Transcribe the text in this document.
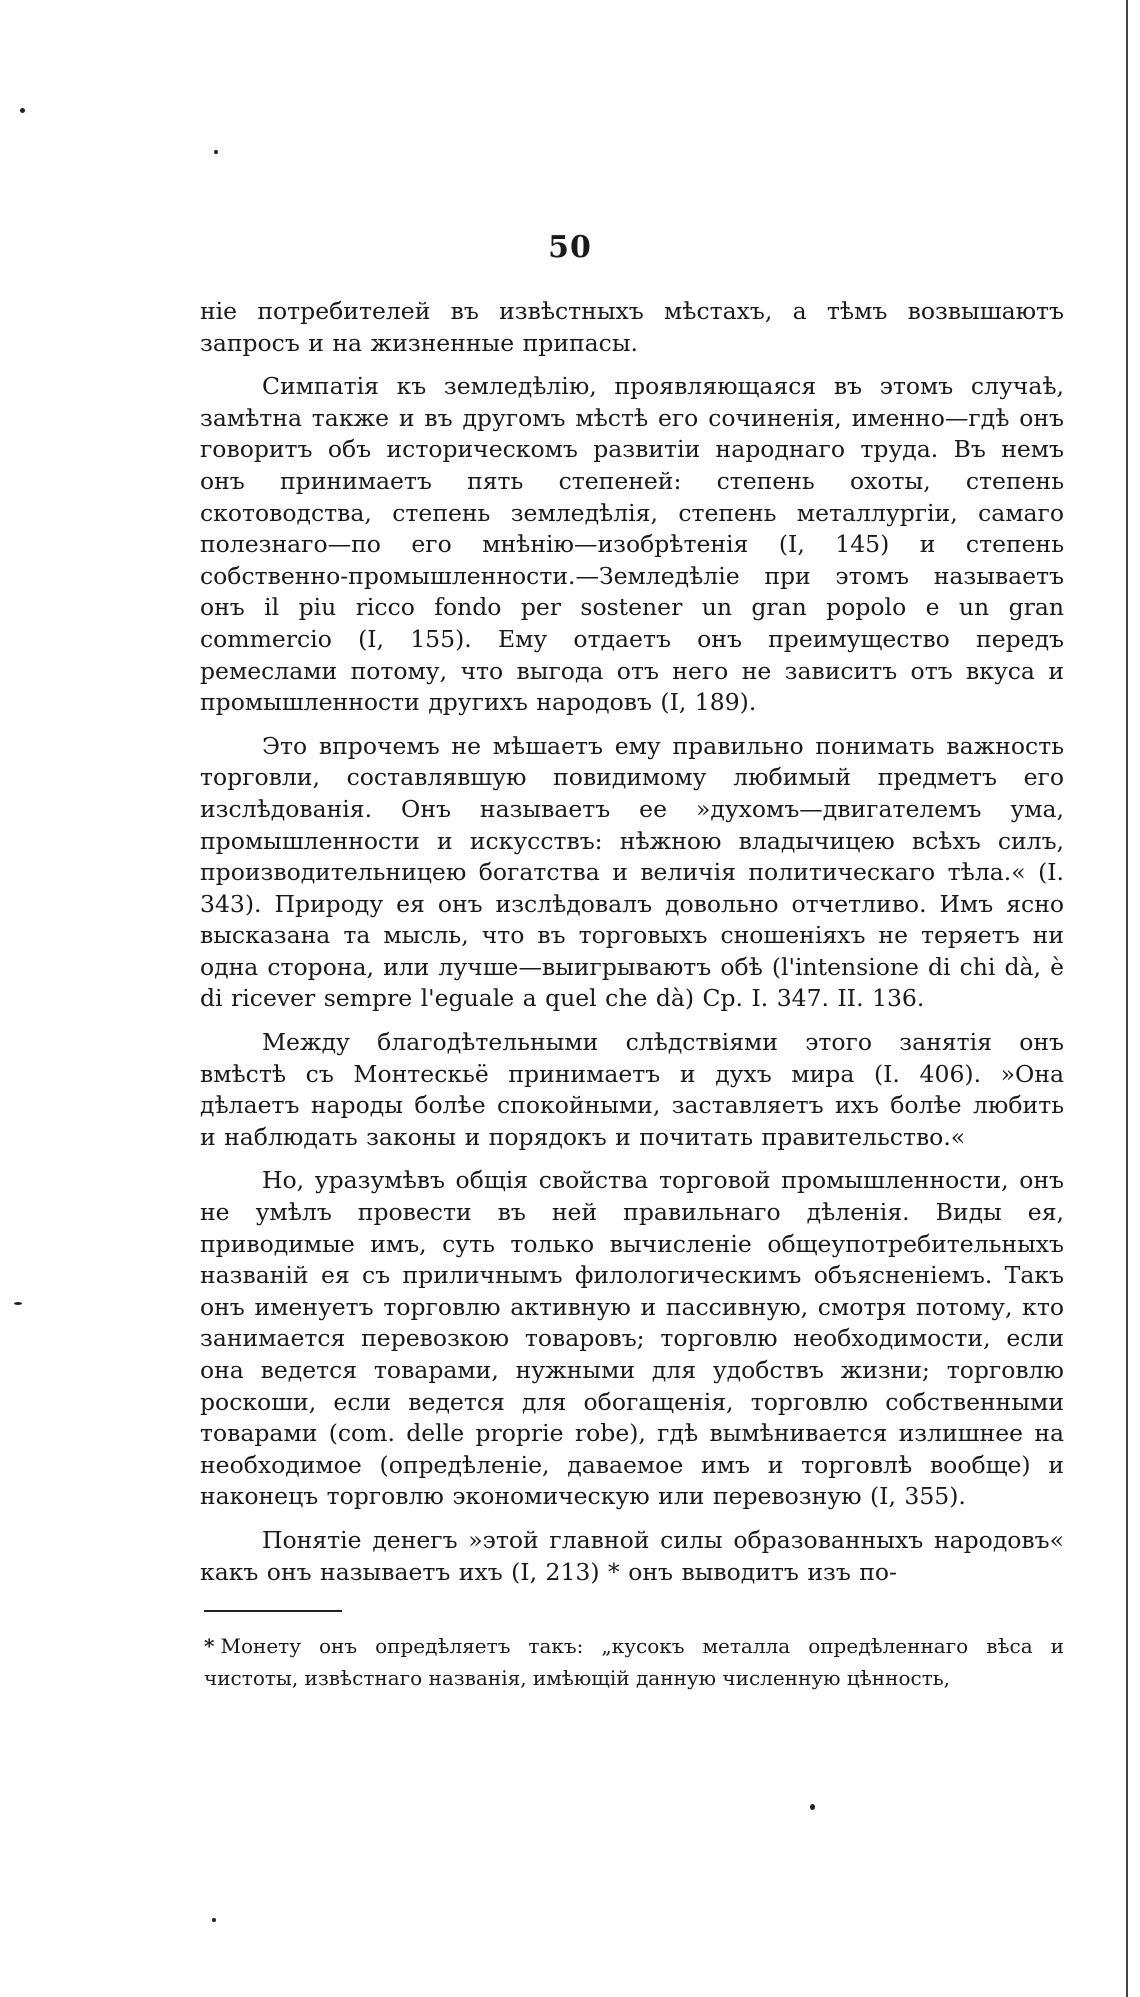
50

ніе потребителей въ извѣстныхъ мѣстахъ, а тѣмъ возвышаютъ запросъ и на жизненные припасы.

Симпатія къ земледѣлію, проявляющаяся въ этомъ случаѣ, замѣтна также и въ другомъ мѣстѣ его сочиненія, именно—гдѣ онъ говоритъ объ историческомъ развитіи народнаго труда. Въ немъ онъ принимаетъ пять степеней: степень охоты, степень скотоводства, степень земледѣлія, степень металлургіи, самаго полезнаго—по его мнѣнію—изобрѣтенія (I, 145) и степень собственно-промышленности.—Земледѣліе при этомъ называетъ онъ il piu ricco fondo per sostener un gran popolo e un gran commercio (I, 155). Ему отдаетъ онъ преимущество передъ ремеслами потому, что выгода отъ него не зависитъ отъ вкуса и промышленности другихъ народовъ (I, 189).

Это впрочемъ не мѣшаетъ ему правильно понимать важность торговли, составлявшую повидимому любимый предметъ его изслѣдованія. Онъ называетъ ее »духомъ—двигателемъ ума, промышленности и искусствъ: нѣжною владычицею всѣхъ силъ, производительницею богатства и величія политическаго тѣла.« (I. 343). Природу ея онъ изслѣдовалъ довольно отчетливо. Имъ ясно высказана та мысль, что въ торговыхъ сношеніяхъ не теряетъ ни одна сторона, или лучше—выигрываютъ обѣ (l'intensione di chi dà, è di ricever sempre l'eguale a quel che dà) Ср. I. 347. II. 136.

Между благодѣтельными слѣдствіями этого занятія онъ вмѣстѣ съ Монтескьё принимаетъ и духъ мира (I. 406). »Она дѣлаетъ народы болѣе спокойными, заставляетъ ихъ болѣе любить и наблюдать законы и порядокъ и почитать правительство.«

Но, уразумѣвъ общія свойства торговой промышленности, онъ не умѣлъ провести въ ней правильнаго дѣленія. Виды ея, приводимые имъ, суть только вычисленіе общеупотребительныхъ названій ея съ приличнымъ филологическимъ объясненіемъ. Такъ онъ именуетъ торговлю активную и пассивную, смотря потому, кто занимается перевозкою товаровъ; торговлю необходимости, если она ведется товарами, нужными для удобствъ жизни; торговлю роскоши, если ведется для обогащенія, торговлю собственными товарами (com. delle proprie robe), гдѣ вымѣнивается излишнее на необходимое (опредѣленіе, даваемое имъ и торговлѣ вообще) и наконецъ торговлю экономическую или перевозную (I, 355).

Понятіе денегъ »этой главной силы образованныхъ народовъ« какъ онъ называетъ ихъ (I, 213) * онъ выводитъ изъ по-

* Монету онъ опредѣляетъ такъ: „кусокъ металла опредѣленнаго вѣса и чистоты, извѣстнаго названія, имѣющій данную численную цѣнность,
